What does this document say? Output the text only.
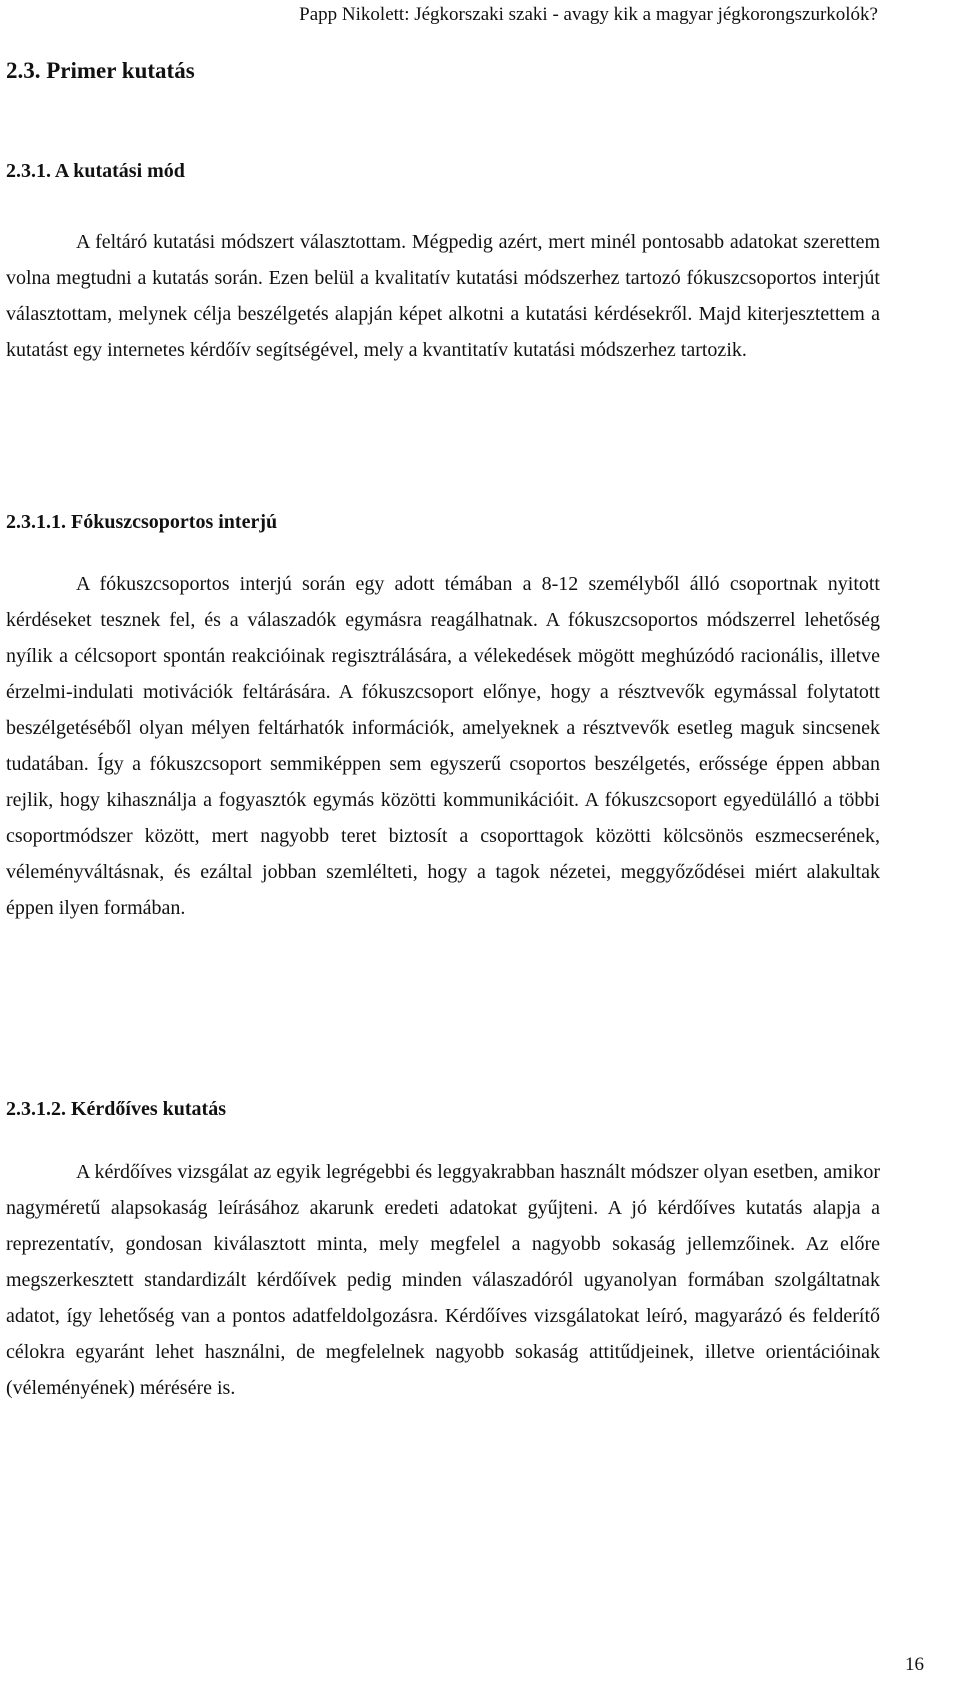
Papp Nikolett: Jégkorszaki szaki - avagy kik a magyar jégkorongszurkolók?
2.3. Primer kutatás
2.3.1. A kutatási mód

A feltáró kutatási módszert választottam. Mégpedig azért, mert minél pontosabb adatokat szerettem volna megtudni a kutatás során. Ezen belül a kvalitatív kutatási módszerhez tartozó fókuszcsoportos interjút választottam, melynek célja beszélgetés alapján képet alkotni a kutatási kérdésekről. Majd kiterjesztettem a kutatást egy internetes kérdőív segítségével, mely a kvantitatív kutatási módszerhez tartozik.

2.3.1.1. Fókuszcsoportos interjú

A fókuszcsoportos interjú során egy adott témában a 8-12 személyből álló csoportnak nyitott kérdéseket tesznek fel, és a válaszadók egymásra reagálhatnak. A fókuszcsoportos módszerrel lehetőség nyílik a célcsoport spontán reakcióinak regisztrálására, a vélekedések mögött meghúzódó racionális, illetve érzelmi-indulati motivációk feltárására. A fókuszcsoport előnye, hogy a résztvevők egymással folytatott beszélgetéséből olyan mélyen feltárhatók információk, amelyeknek a résztvevők esetleg maguk sincsenek tudatában. Így a fókuszcsoport semmiképpen sem egyszerű csoportos beszélgetés, erőssége éppen abban rejlik, hogy kihasználja a fogyasztók egymás közötti kommunikációit. A fókuszcsoport egyedülálló a többi csoportmódszer között, mert nagyobb teret biztosít a csoporttagok közötti kölcsönös eszmecserének, véleményváltásnak, és ezáltal jobban szemlélteti, hogy a tagok nézetei, meggyőződései miért alakultak éppen ilyen formában.

2.3.1.2. Kérdőíves kutatás

A kérdőíves vizsgálat az egyik legrégebbi és leggyakrabban használt módszer olyan esetben, amikor nagyméretű alapsokaság leírásához akarunk eredeti adatokat gyűjteni. A jó kérdőíves kutatás alapja a reprezentatív, gondosan kiválasztott minta, mely megfelel a nagyobb sokaság jellemzőinek. Az előre megszerkesztett standardizált kérdőívek pedig minden válaszadóról ugyanolyan formában szolgáltatnak adatot, így lehetőség van a pontos adatfeldolgozásra. Kérdőíves vizsgálatokat leíró, magyarázó és felderítő célokra egyaránt lehet használni, de megfelelnek nagyobb sokaság attitűdjeinek, illetve orientációinak (véleményének) mérésére is.

16
